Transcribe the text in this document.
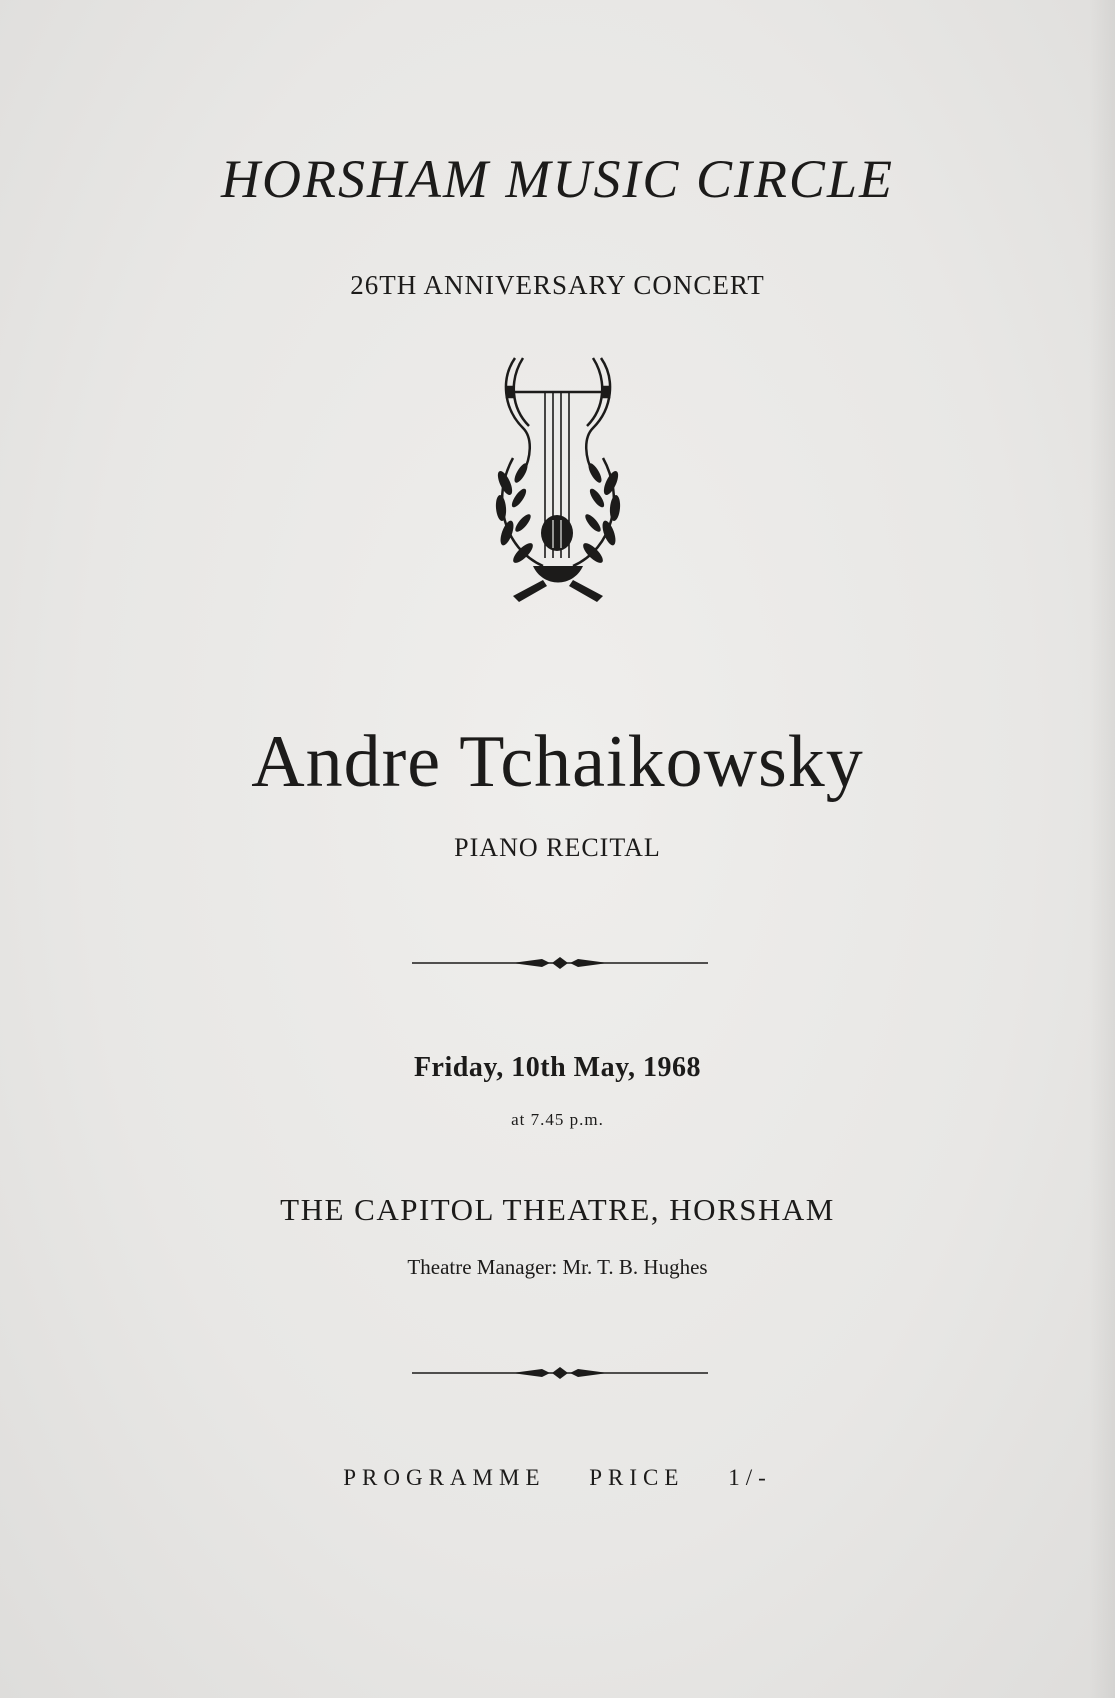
HORSHAM MUSIC CIRCLE
26TH ANNIVERSARY CONCERT
Andre Tchaikowsky
PIANO RECITAL
Friday, 10th May, 1968
at 7.45 p.m.
THE CAPITOL THEATRE, HORSHAM
Theatre Manager: Mr. T. B. Hughes
PROGRAMME PRICE 1/-
